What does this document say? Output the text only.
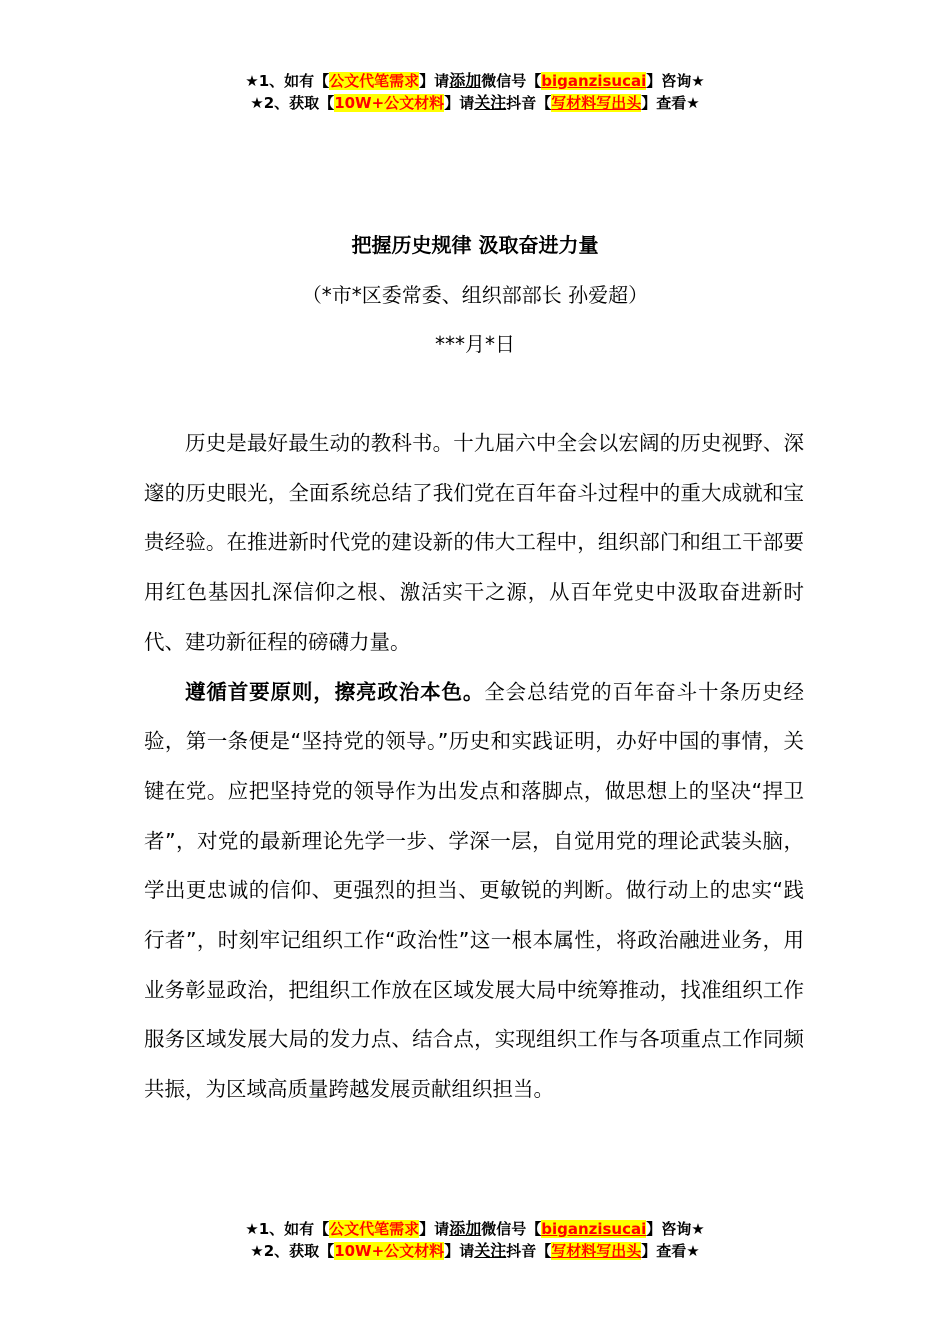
★1、如有【公文代笔需求】请添加微信号【biganzisucai】咨询★
★2、获取【10W+公文材料】请关注抖音【写材料写出头】查看★
把握历史规律 汲取奋进力量
（*市*区委常委、组织部部长 孙爱超）
***月*日

历史是最好最生动的教科书。十九届六中全会以宏阔的历史视野、深邃的历史眼光，全面系统总结了我们党在百年奋斗过程中的重大成就和宝贵经验。在推进新时代党的建设新的伟大工程中，组织部门和组工干部要用红色基因扎深信仰之根、激活实干之源，从百年党史中汲取奋进新时代、建功新征程的磅礴力量。

遵循首要原则，擦亮政治本色。全会总结党的百年奋斗十条历史经验，第一条便是“坚持党的领导。”历史和实践证明，办好中国的事情，关键在党。应把坚持党的领导作为出发点和落脚点，做思想上的坚决“捍卫者”，对党的最新理论先学一步、学深一层，自觉用党的理论武装头脑，学出更忠诚的信仰、更强烈的担当、更敏锐的判断。做行动上的忠实“践行者”，时刻牢记组织工作“政治性”这一根本属性，将政治融进业务，用业务彰显政治，把组织工作放在区域发展大局中统筹推动，找准组织工作服务区域发展大局的发力点、结合点，实现组织工作与各项重点工作同频共振，为区域高质量跨越发展贡献组织担当。

★1、如有【公文代笔需求】请添加微信号【biganzisucai】咨询★
★2、获取【10W+公文材料】请关注抖音【写材料写出头】查看★
